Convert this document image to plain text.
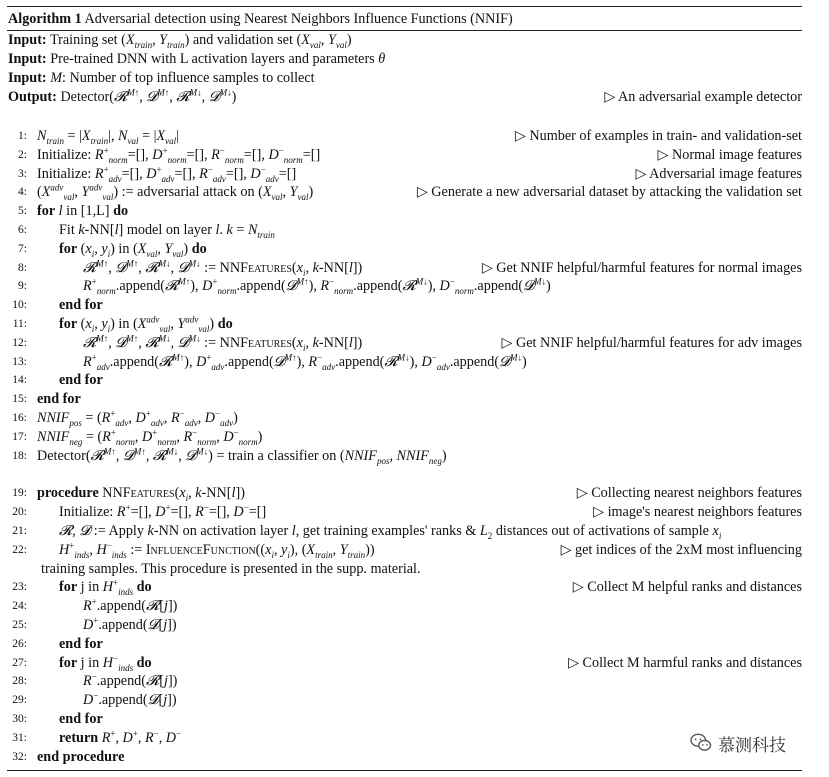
Algorithm 1 Adversarial detection using Nearest Neighbors Influence Functions (NNIF)
Input: Training set ($X_{train}$, $Y_{train}$) and validation set ($X_{val}$, $Y_{val}$)
Input: Pre-trained DNN with L activation layers and parameters θ
Input: M: Number of top influence samples to collect
Output: Detector(𝓡$^{M↑}$, 𝓓$^{M↑}$, 𝓡$^{M↓}$, 𝓓$^{M↓}$)	▷ An adversarial example detector
1: $N_{train} = |X_{train}|$, $N_{val} = |X_{val}|$	▷ Number of examples in train- and validation-set
2: Initialize: $R^+_{norm}=[]$, $D^+_{norm}=[]$, $R^-_{norm}=[]$, $D^-_{norm}=[]$	▷ Normal image features
3: Initialize: $R^+_{adv}=[]$, $D^+_{adv}=[]$, $R^-_{adv}=[]$, $D^-_{adv}=[]$	▷ Adversarial image features
4: ($X^{adv}_{val}$, $Y^{adv}_{val}$) := adversarial attack on ($X_{val}$, $Y_{val}$)	▷ Generate a new adversarial dataset by attacking the validation set
5: for l in [1,L] do
6: Fit k-NN[l] model on layer l. $k = N_{train}$
7: for ($x_i$, $y_i$) in ($X_{val}$, $Y_{val}$) do
8:	𝓡$^{M↑}$, 𝓓$^{M↑}$, 𝓡$^{M↓}$, 𝓓$^{M↓}$ := $NNFeatures(x_i$, k-NN[l])	▷ Get NNIF helpful/harmful features for normal images
9:	$R^+_{norm}.append(𝓡^{M↑})$, $D^+_{norm}.append(𝓓^{M↑})$, $R^-_{norm}.append(𝓡^{M↓})$, $D^-_{norm}.append(𝓓^{M↓})$
10: end for
11: for ($x_i$, $y_i$) in ($X^{adv}_{val}$, $Y^{adv}_{val}$) do
12:	𝓡$^{M↑}$, 𝓓$^{M↑}$, 𝓡$^{M↓}$, 𝓓$^{M↓}$ := $NNFeatures(x_i$, k-NN[l])	▷ Get NNIF helpful/harmful features for adv images
13:	$R^+_{adv}.append(𝓡^{M↑})$, $D^+_{adv}.append(𝓓^{M↑})$, $R^-_{adv}.append(𝓡^{M↓})$, $D^-_{adv}.append(𝓓^{M↓})$
14: end for
15: end for
16: $NNIF_{pos} = (R^+_{adv}$, $D^+_{adv}$, $R^-_{adv}$, $D^-_{adv}$)
17: $NNIF_{neg} = (R^+_{norm}$, $D^+_{norm}$, $R^-_{norm}$, $D^-_{norm}$)
18: Detector(𝓡$^{M↑}$, 𝓓$^{M↑}$, 𝓡$^{M↓}$, 𝓓$^{M↓}$) = train a classifier on ($NNIF_{pos}$, $NNIF_{neg}$)
19: procedure $NNFeatures(x_i$, k-NN[l])	▷ Collecting nearest neighbors features
20: Initialize: R+=[], D+=[], R−=[], D−=[]	▷ image's nearest neighbors features
21: 𝓡, 𝓓 := Apply k-NN on activation layer l, get training examples' ranks & $L_2$ distances out of activations of sample $x_i$
22: $H^+_{inds}$, $H^-_{inds}$ := $InfluenceFunction((x_i$, $y_i$), ($X_{train}$, $Y_{train}$))	▷ get indices of the 2xM most influencing
training samples. This procedure is presented in the supp. material.
23: for j in $H^+_{inds}$ do	▷ Collect M helpful ranks and distances
24:	R+.append(𝓡[j])
25:	D+.append(𝓓[j])
26: end for
27: for j in $H^-_{inds}$ do	▷ Collect M harmful ranks and distances
28:	R−.append(𝓡[j])
29:	D−.append(𝓓[j])
30: end for
31: return R+, D+, R−, D−
32: end procedure
慕测科技
